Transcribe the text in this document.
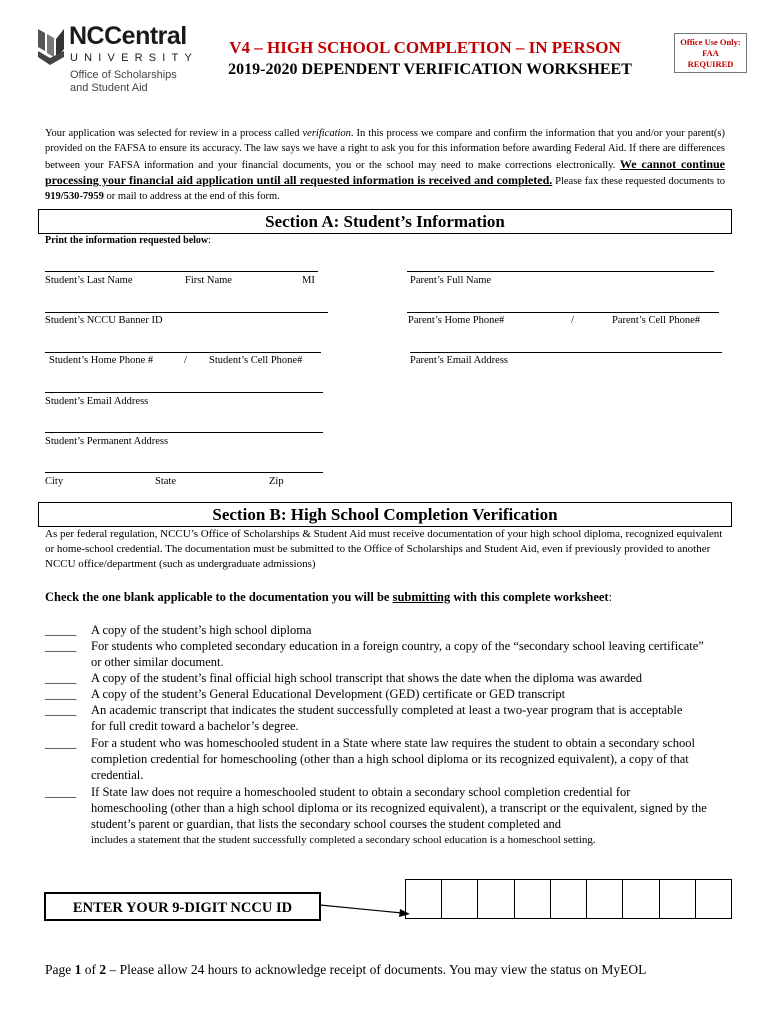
NCCentral
UNIVERSITY
Office of Scholarships
and Student Aid
V4 – HIGH SCHOOL COMPLETION – IN PERSON
2019-2020 DEPENDENT VERIFICATION WORKSHEET
Office Use Only:
FAA
REQUIRED
Your application was selected for review in a process called verification. In this process we compare and confirm the information that you and/or your parent(s) provided on the FAFSA to ensure its accuracy. The law says we have a right to ask you for this information before awarding Federal Aid. If there are differences between your FAFSA information and your financial documents, you or the school may need to make corrections electronically. We cannot continue processing your financial aid application until all requested information is received and completed. Please fax these requested documents to 919/530-7959 or mail to address at the end of this form.
Section A: Student’s Information
Print the information requested below:
Student’s Last Name	First Name	MI	Parent’s Full Name
Student’s NCCU Banner ID	Parent’s Home Phone#	/	Parent’s Cell Phone#
Student’s Home Phone #	/ Student’s Cell Phone#	Parent’s Email Address
Student’s Email Address
Student’s Permanent Address
City	State	Zip
Section B: High School Completion Verification
As per federal regulation, NCCU’s Office of Scholarships & Student Aid must receive documentation of your high school diploma, recognized equivalent or home-school credential. The documentation must be submitted to the Office of Scholarships and Student Aid, even if previously provided to another NCCU office/department (such as undergraduate admissions)
Check the one blank applicable to the documentation you will be submitting with this complete worksheet:
_____ A copy of the student’s high school diploma
_____ For students who completed secondary education in a foreign country, a copy of the “secondary school leaving certificate” or other similar document.
_____ A copy of the student’s final official high school transcript that shows the date when the diploma was awarded
_____ A copy of the student’s General Educational Development (GED) certificate or GED transcript
_____ An academic transcript that indicates the student successfully completed at least a two-year program that is acceptable for full credit toward a bachelor’s degree.
_____ For a student who was homeschooled student in a State where state law requires the student to obtain a secondary school completion credential for homeschooling (other than a high school diploma or its recognized equivalent), a copy of that credential.
_____ If State law does not require a homeschooled student to obtain a secondary school completion credential for homeschooling (other than a high school diploma or its recognized equivalent), a transcript or the equivalent, signed by the student’s parent or guardian, that lists the secondary school courses the student completed and
includes a statement that the student successfully completed a secondary school education is a homeschool setting.
ENTER YOUR 9-DIGIT NCCU ID
Page 1 of 2 – Please allow 24 hours to acknowledge receipt of documents. You may view the status on MyEOL
